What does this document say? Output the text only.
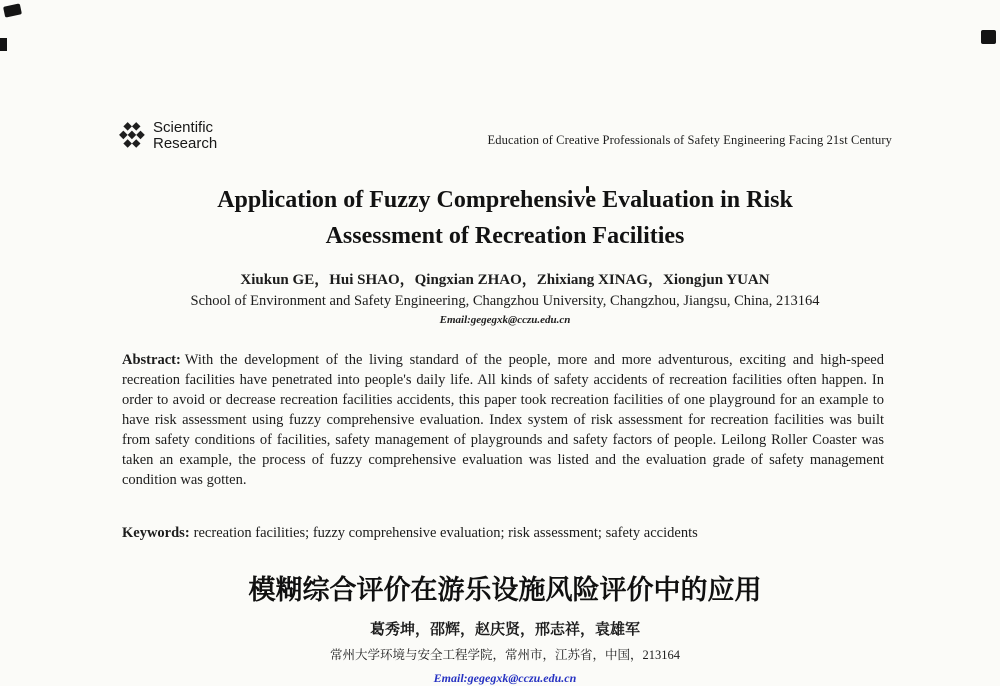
Scientific
Research	Education of Creative Professionals of Safety Engineering Facing 21st Century
Application of Fuzzy Comprehensive Evaluation in Risk
Assessment of Recreation Facilities
Xiukun GE，Hui SHAO，Qingxian ZHAO，Zhixiang XINAG，Xiongjun YUAN
School of Environment and Safety Engineering, Changzhou University, Changzhou, Jiangsu, China, 213164
Email:gegegxk@cczu.edu.cn

Abstract: With the development of the living standard of the people, more and more adventurous, exciting and high-speed recreation facilities have penetrated into people's daily life. All kinds of safety accidents of recreation facilities often happen. In order to avoid or decrease recreation facilities accidents, this paper took recreation facilities of one playground for an example to have risk assessment using fuzzy comprehensive evaluation. Index system of risk assessment for recreation facilities was built from safety conditions of facilities, safety management of playgrounds and safety factors of people. Leilong Roller Coaster was taken an example, the process of fuzzy comprehensive evaluation was listed and the evaluation grade of safety management condition was gotten.

Keywords: recreation facilities; fuzzy comprehensive evaluation; risk assessment; safety accidents

模糊综合评价在游乐设施风险评价中的应用
葛秀坤，邵辉，赵庆贤，邢志祥，袁雄军
常州大学环境与安全工程学院，常州市，江苏省，中国，213164
Email:gegegxk@cczu.edu.cn
